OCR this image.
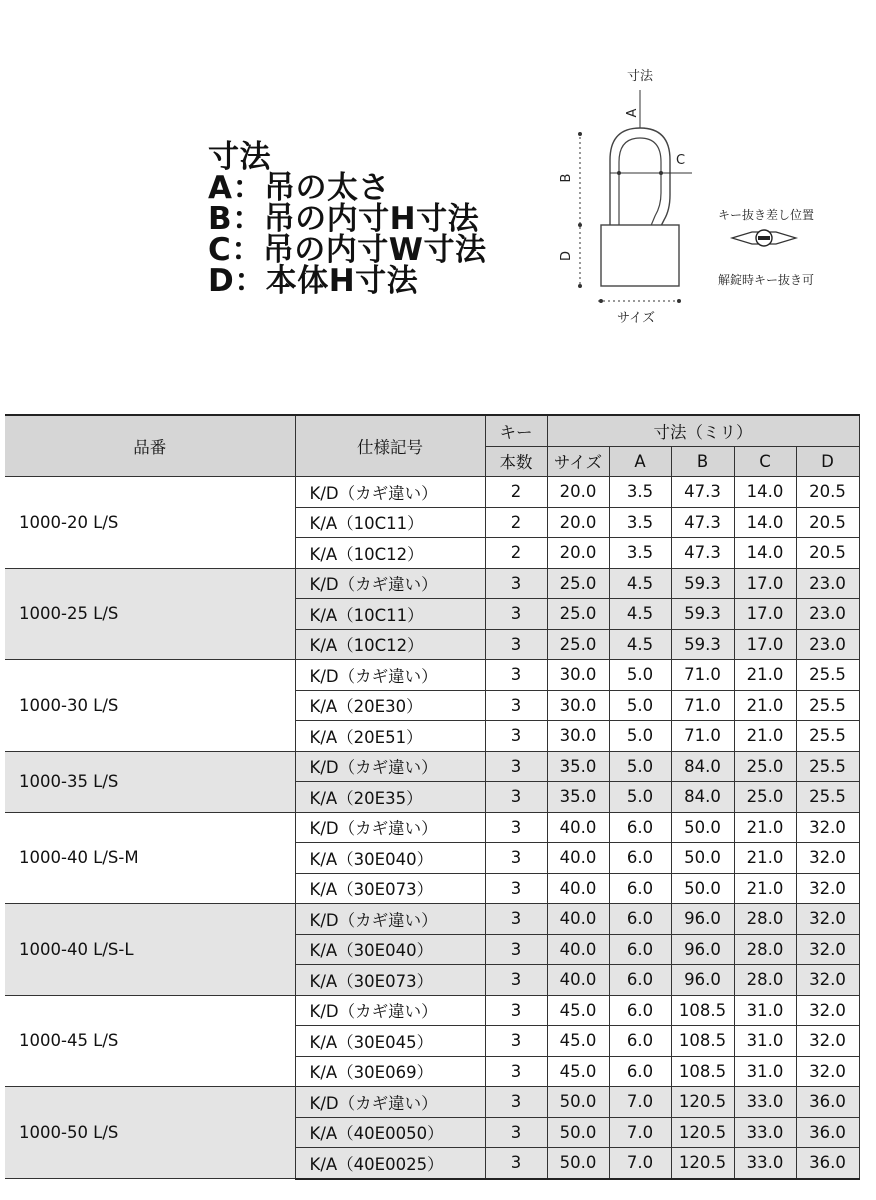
寸法
A：吊の太さ
B：吊の内寸H寸法
C：吊の内寸W寸法
D：本体H寸法
寸法
A
B
D
C
サイズ
キー抜き差し位置
解錠時キー抜き可
品番	仕様記号	キー	寸法（ミリ）				
		本数	サイズ	A	B	C	D
1000-20 L/S	K/D（カギ違い）	2	20.0	3.5	47.3	14.0	20.5
	K/A（10C11）	2	20.0	3.5	47.3	14.0	20.5
	K/A（10C12）	2	20.0	3.5	47.3	14.0	20.5
1000-25 L/S	K/D（カギ違い）	3	25.0	4.5	59.3	17.0	23.0
	K/A（10C11）	3	25.0	4.5	59.3	17.0	23.0
	K/A（10C12）	3	25.0	4.5	59.3	17.0	23.0
1000-30 L/S	K/D（カギ違い）	3	30.0	5.0	71.0	21.0	25.5
	K/A（20E30）	3	30.0	5.0	71.0	21.0	25.5
	K/A（20E51）	3	30.0	5.0	71.0	21.0	25.5
1000-35 L/S	K/D（カギ違い）	3	35.0	5.0	84.0	25.0	25.5
	K/A（20E35）	3	35.0	5.0	84.0	25.0	25.5
1000-40 L/S-M	K/D（カギ違い）	3	40.0	6.0	50.0	21.0	32.0
	K/A（30E040）	3	40.0	6.0	50.0	21.0	32.0
	K/A（30E073）	3	40.0	6.0	50.0	21.0	32.0
1000-40 L/S-L	K/D（カギ違い）	3	40.0	6.0	96.0	28.0	32.0
	K/A（30E040）	3	40.0	6.0	96.0	28.0	32.0
	K/A（30E073）	3	40.0	6.0	96.0	28.0	32.0
1000-45 L/S	K/D（カギ違い）	3	45.0	6.0	108.5	31.0	32.0
	K/A（30E045）	3	45.0	6.0	108.5	31.0	32.0
	K/A（30E069）	3	45.0	6.0	108.5	31.0	32.0
1000-50 L/S	K/D（カギ違い）	3	50.0	7.0	120.5	33.0	36.0
	K/A（40E0050）	3	50.0	7.0	120.5	33.0	36.0
	K/A（40E0025）	3	50.0	7.0	120.5	33.0	36.0
